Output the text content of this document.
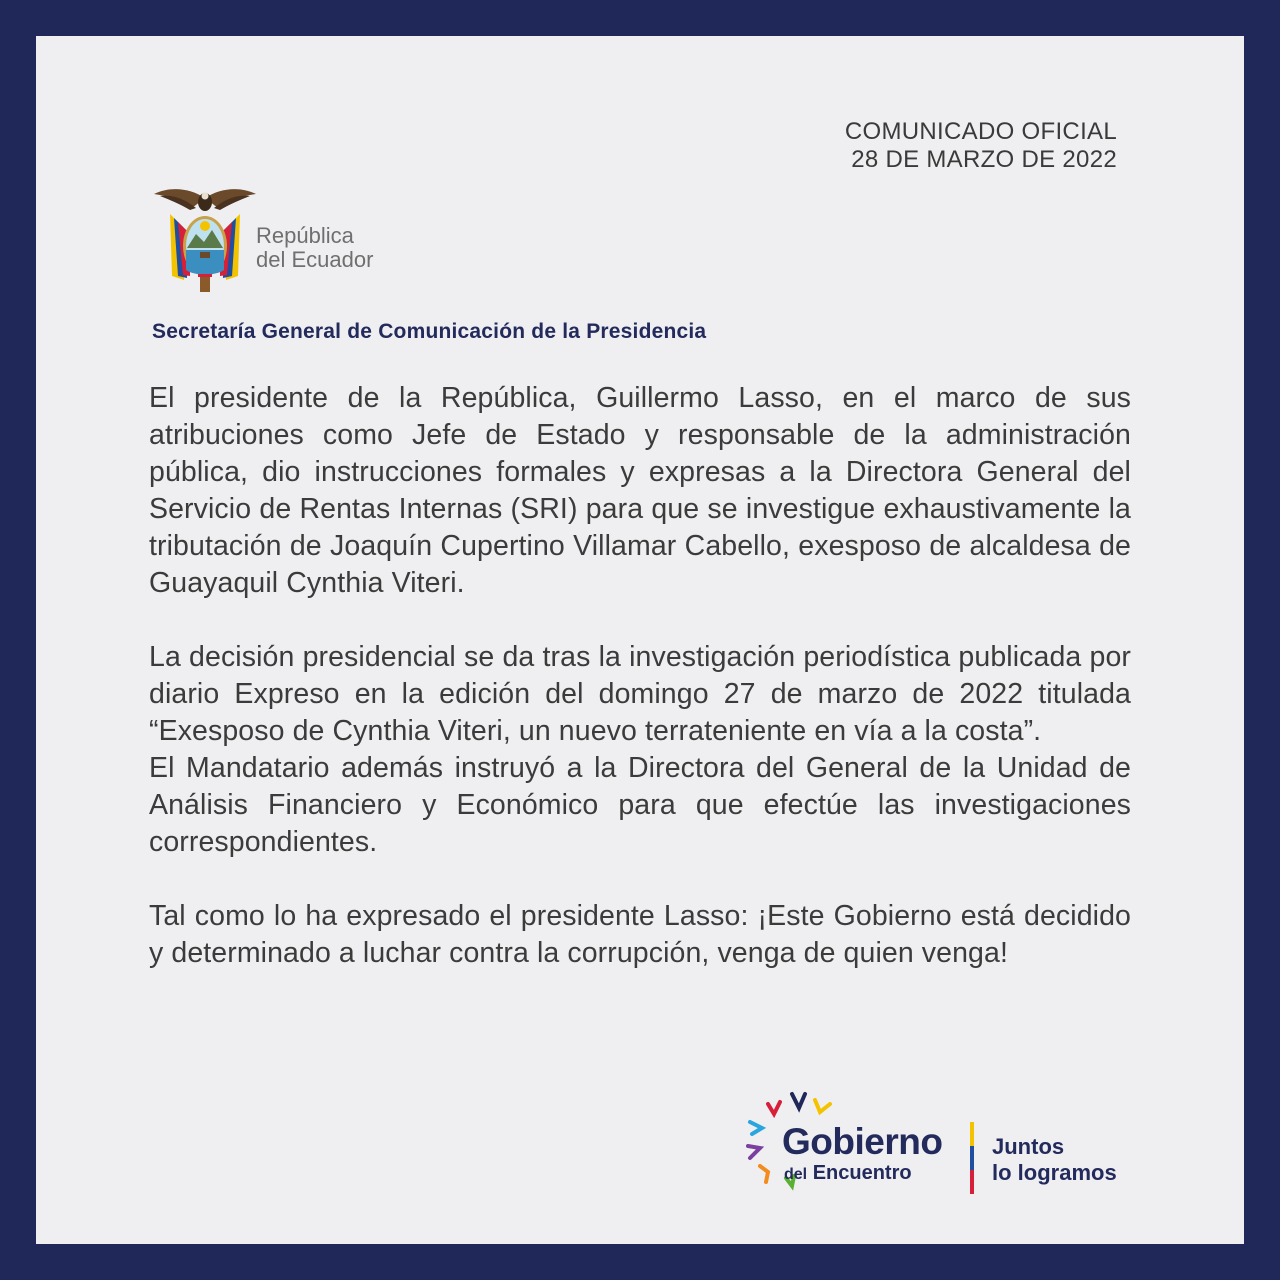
COMUNICADO OFICIAL
28 DE MARZO DE 2022
República
del Ecuador
Secretaría General de Comunicación de la Presidencia

El presidente de la República, Guillermo Lasso, en el marco de sus atribuciones como Jefe de Estado y responsable de la administración pública, dio instrucciones formales y expresas a la Directora General del Servicio de Rentas Internas (SRI) para que se investigue exhaustivamente la tributación de Joaquín Cupertino Villamar Cabello, exesposo de alcaldesa de Guayaquil Cynthia Viteri.

La decisión presidencial se da tras la investigación periodística publicada por diario Expreso en la edición del domingo 27 de marzo de 2022 titulada “Exesposo de Cynthia Viteri, un nuevo terrateniente en vía a la costa”.

El Mandatario además instruyó a la Directora del General de la Unidad de Análisis Financiero y Económico para que efectúe las investigaciones correspondientes.

Tal como lo ha expresado el presidente Lasso: ¡Este Gobierno está decidido y determinado a luchar contra la corrupción, venga de quien venga!

Gobierno
del Encuentro
Juntos
lo logramos
